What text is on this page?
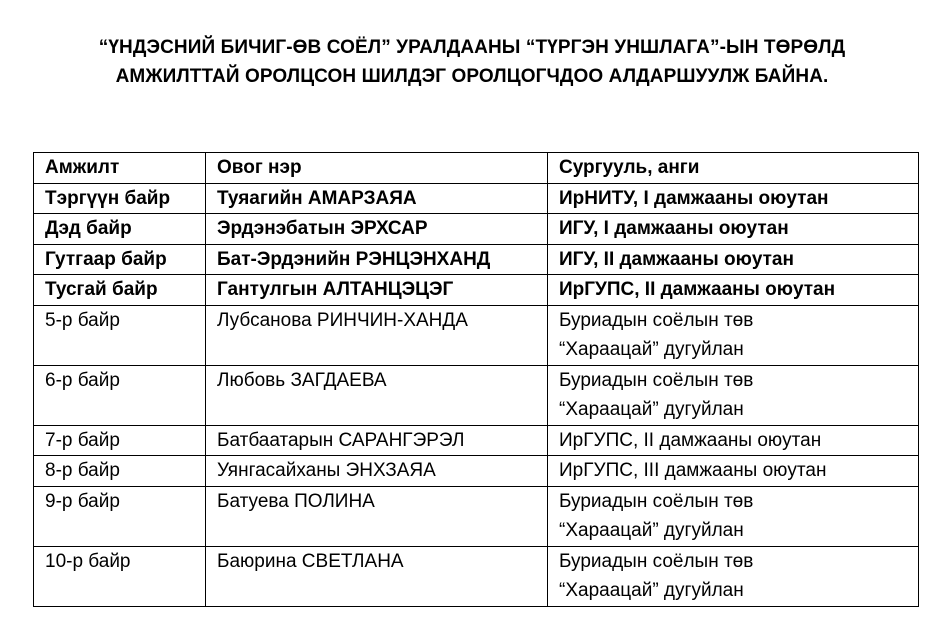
“ҮНДЭСНИЙ БИЧИГ-ӨВ СОЁЛ” УРАЛДААНЫ “ТҮРГЭН УНШЛАГА”-ЫН ТӨРӨЛД
АМЖИЛТТАЙ ОРОЛЦСОН ШИЛДЭГ ОРОЛЦОГЧДОО АЛДАРШУУЛЖ БАЙНА.
Амжилт	Овог нэр	Сургууль, анги
Тэргүүн байр	Туяагийн АМАРЗАЯА	ИрНИТУ, I дамжааны оюутан

Дэд байр	Эрдэнэбатын ЭРХСАР	ИГУ, I дамжааны оюутан

Гутгаар байр	Бат-Эрдэнийн РЭНЦЭНХАНД	ИГУ, II дамжааны оюутан

Тусгай байр	Гантулгын АЛТАНЦЭЦЭГ	ИрГУПС, II дамжааны оюутан

5-р байр	Лубсанова РИНЧИН-ХАНДА	Буриадын соёлын төв
“Хараацай” дугуйлан

6-р байр	Любовь ЗАГДАЕВА	Буриадын соёлын төв
“Хараацай” дугуйлан

7-р байр	Батбаатарын САРАНГЭРЭЛ	ИрГУПС, II дамжааны оюутан

8-р байр	Уянгасайханы ЭНХЗАЯА	ИрГУПС, III дамжааны оюутан

9-р байр	Батуева ПОЛИНА	Буриадын соёлын төв
“Хараацай” дугуйлан

10-р байр	Баюрина СВЕТЛАНА	Буриадын соёлын төв
“Хараацай” дугуйлан
